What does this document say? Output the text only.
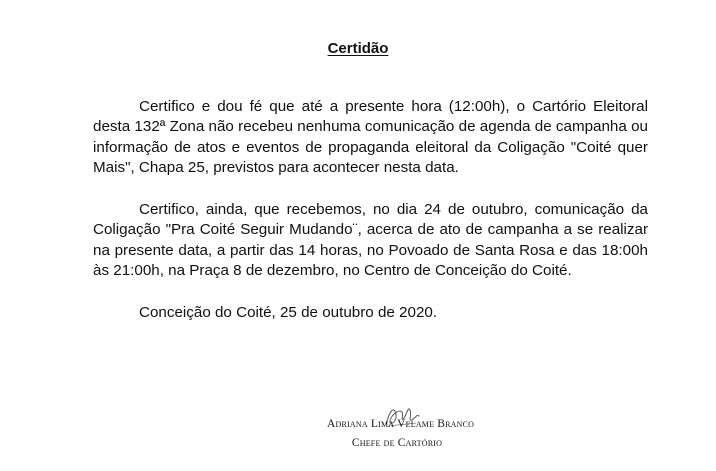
Certidão

Certifico e dou fé que até a presente hora (12:00h), o Cartório Eleitoral desta 132ª Zona não recebeu nenhuma comunicação de agenda de campanha ou informação de atos e eventos de propaganda eleitoral da Coligação "Coité quer Mais", Chapa 25, previstos para acontecer nesta data.

Certifico, ainda, que recebemos, no dia 24 de outubro, comunicação da Coligação "Pra Coité Seguir Mudando¨, acerca de ato de campanha a se realizar na presente data, a partir das 14 horas, no Povoado de Santa Rosa e das 18:00h às 21:00h, na Praça 8 de dezembro, no Centro de Conceição do Coité.

Conceição do Coité, 25 de outubro de 2020.
Adriana Lima Velame Branco
Chefe de Cartório
